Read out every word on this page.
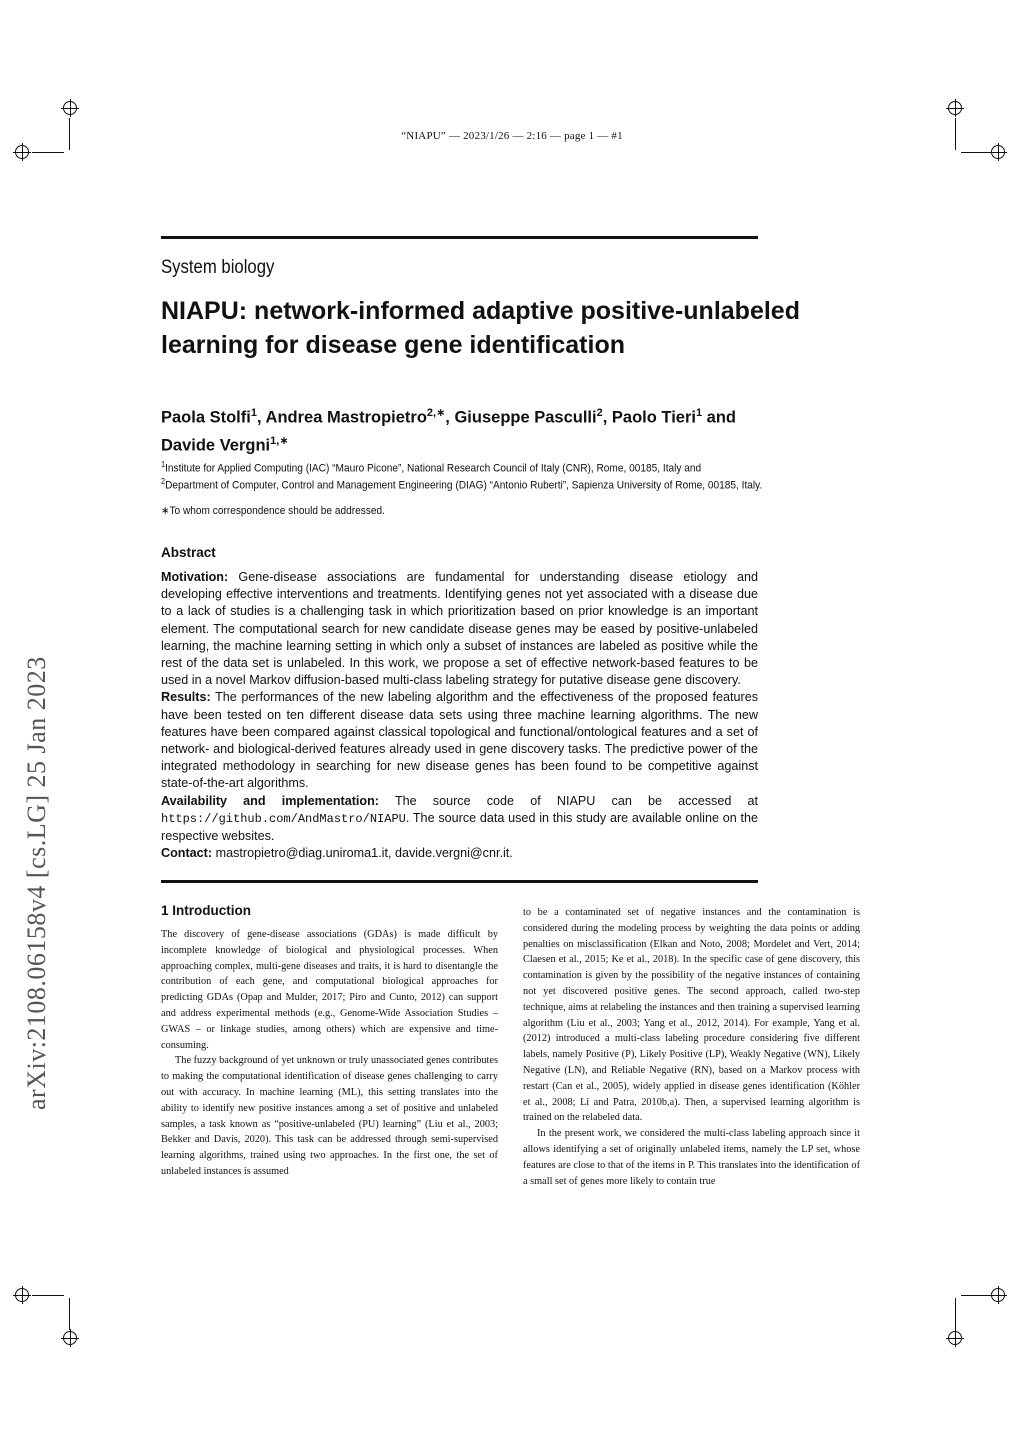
“NIAPU” — 2023/1/26 — 2:16 — page 1 — #1
arXiv:2108.06158v4 [cs.LG] 25 Jan 2023
System biology
NIAPU: network-informed adaptive positive-unlabeled learning for disease gene identification
Paola Stolfi$^1$, Andrea Mastropietro$^{2,∗}$, Giuseppe Pasculli$^2$, Paolo Tieri$^1$ and
Davide Vergni$^{1,∗}$
$^1$Institute for Applied Computing (IAC) “Mauro Picone”, National Research Council of Italy (CNR), Rome, 00185, Italy and
$^2$Department of Computer, Control and Management Engineering (DIAG) “Antonio Ruberti”, Sapienza University of Rome, 00185, Italy.
∗To whom correspondence should be addressed.
Abstract

Motivation: Gene-disease associations are fundamental for understanding disease etiology and developing effective interventions and treatments. Identifying genes not yet associated with a disease due to a lack of studies is a challenging task in which prioritization based on prior knowledge is an important element. The computational search for new candidate disease genes may be eased by positive-unlabeled learning, the machine learning setting in which only a subset of instances are labeled as positive while the rest of the data set is unlabeled. In this work, we propose a set of effective network-based features to be used in a novel Markov diffusion-based multi-class labeling strategy for putative disease gene discovery.

Results: The performances of the new labeling algorithm and the effectiveness of the proposed features have been tested on ten different disease data sets using three machine learning algorithms. The new features have been compared against classical topological and functional/ontological features and a set of network- and biological-derived features already used in gene discovery tasks. The predictive power of the integrated methodology in searching for new disease genes has been found to be competitive against state-of-the-art algorithms.

Availability and implementation: The source code of NIAPU can be accessed at https://github.com/AndMastro/NIAPU. The source data used in this study are available online on the respective websites.

Contact: mastropietro@diag.uniroma1.it, davide.vergni@cnr.it.

1 Introduction

The discovery of gene-disease associations (GDAs) is made difficult by incomplete knowledge of biological and physiological processes. When approaching complex, multi-gene diseases and traits, it is hard to disentangle the contribution of each gene, and computational biological approaches for predicting GDAs (Opap and Mulder, 2017; Piro and Cunto, 2012) can support and address experimental methods (e.g., Genome-Wide Association Studies – GWAS – or linkage studies, among others) which are expensive and time-consuming.

The fuzzy background of yet unknown or truly unassociated genes contributes to making the computational identification of disease genes challenging to carry out with accuracy. In machine learning (ML), this setting translates into the ability to identify new positive instances among a set of positive and unlabeled samples, a task known as “positive-unlabeled (PU) learning” (Liu et al., 2003; Bekker and Davis, 2020). This task can be addressed through semi-supervised learning algorithms, trained using two approaches. In the first one, the set of unlabeled instances is assumed

to be a contaminated set of negative instances and the contamination is considered during the modeling process by weighting the data points or adding penalties on misclassification (Elkan and Noto, 2008; Mordelet and Vert, 2014; Claesen et al., 2015; Ke et al., 2018). In the specific case of gene discovery, this contamination is given by the possibility of the negative instances of containing not yet discovered positive genes. The second approach, called two-step technique, aims at relabeling the instances and then training a supervised learning algorithm (Liu et al., 2003; Yang et al., 2012, 2014). For example, Yang et al. (2012) introduced a multi-class labeling procedure considering five different labels, namely Positive (P), Likely Positive (LP), Weakly Negative (WN), Likely Negative (LN), and Reliable Negative (RN), based on a Markov process with restart (Can et al., 2005), widely applied in disease genes identification (Köhler et al., 2008; Li and Patra, 2010b,a). Then, a supervised learning algorithm is trained on the relabeled data.

In the present work, we considered the multi-class labeling approach since it allows identifying a set of originally unlabeled items, namely the LP set, whose features are close to that of the items in P. This translates into the identification of a small set of genes more likely to contain true
